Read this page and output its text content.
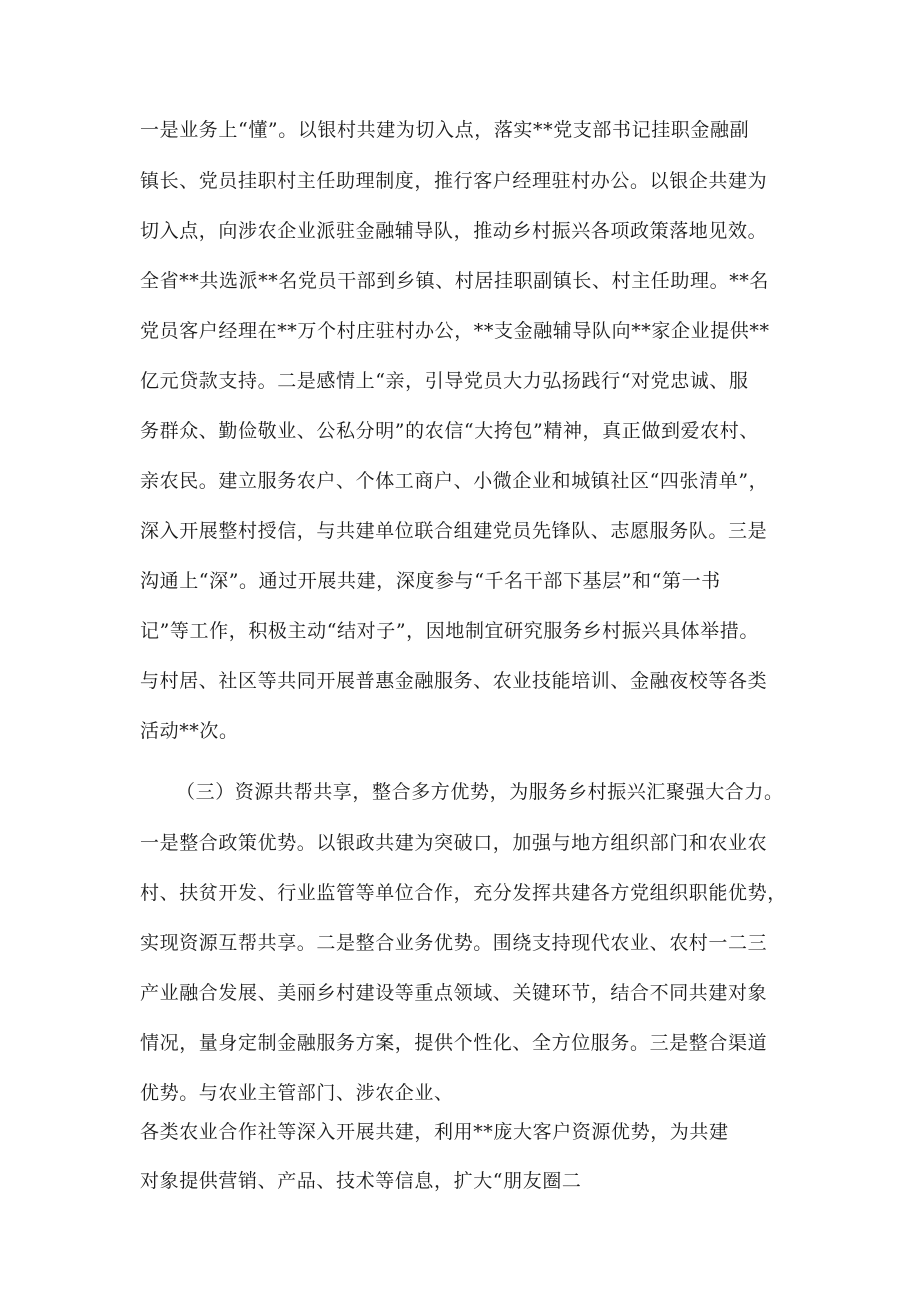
一是业务上“懂”。以银村共建为切入点，落实**党支部书记挂职金融副
镇长、党员挂职村主任助理制度，推行客户经理驻村办公。以银企共建为
切入点，向涉农企业派驻金融辅导队，推动乡村振兴各项政策落地见效。
全省**共选派**名党员干部到乡镇、村居挂职副镇长、村主任助理。**名
党员客户经理在**万个村庄驻村办公，**支金融辅导队向**家企业提供**
亿元贷款支持。二是感情上“亲，引导党员大力弘扬践行“对党忠诚、服
务群众、勤俭敬业、公私分明”的农信“大挎包”精神，真正做到爱农村、
亲农民。建立服务农户、个体工商户、小微企业和城镇社区“四张清单”，
深入开展整村授信，与共建单位联合组建党员先锋队、志愿服务队。三是
沟通上“深”。通过开展共建，深度参与“千名干部下基层”和“第一书
记”等工作，积极主动“结对子”，因地制宜研究服务乡村振兴具体举措。
与村居、社区等共同开展普惠金融服务、农业技能培训、金融夜校等各类
活动**次。
（三）资源共帮共享，整合多方优势，为服务乡村振兴汇聚强大合力。
一是整合政策优势。以银政共建为突破口，加强与地方组织部门和农业农
村、扶贫开发、行业监管等单位合作，充分发挥共建各方党组织职能优势，
实现资源互帮共享。二是整合业务优势。围绕支持现代农业、农村一二三
产业融合发展、美丽乡村建设等重点领域、关键环节，结合不同共建对象
情况，量身定制金融服务方案，提供个性化、全方位服务。三是整合渠道
优势。与农业主管部门、涉农企业、
各类农业合作社等深入开展共建，利用**庞大客户资源优势，为共建
对象提供营销、产品、技术等信息，扩大“朋友圈二
